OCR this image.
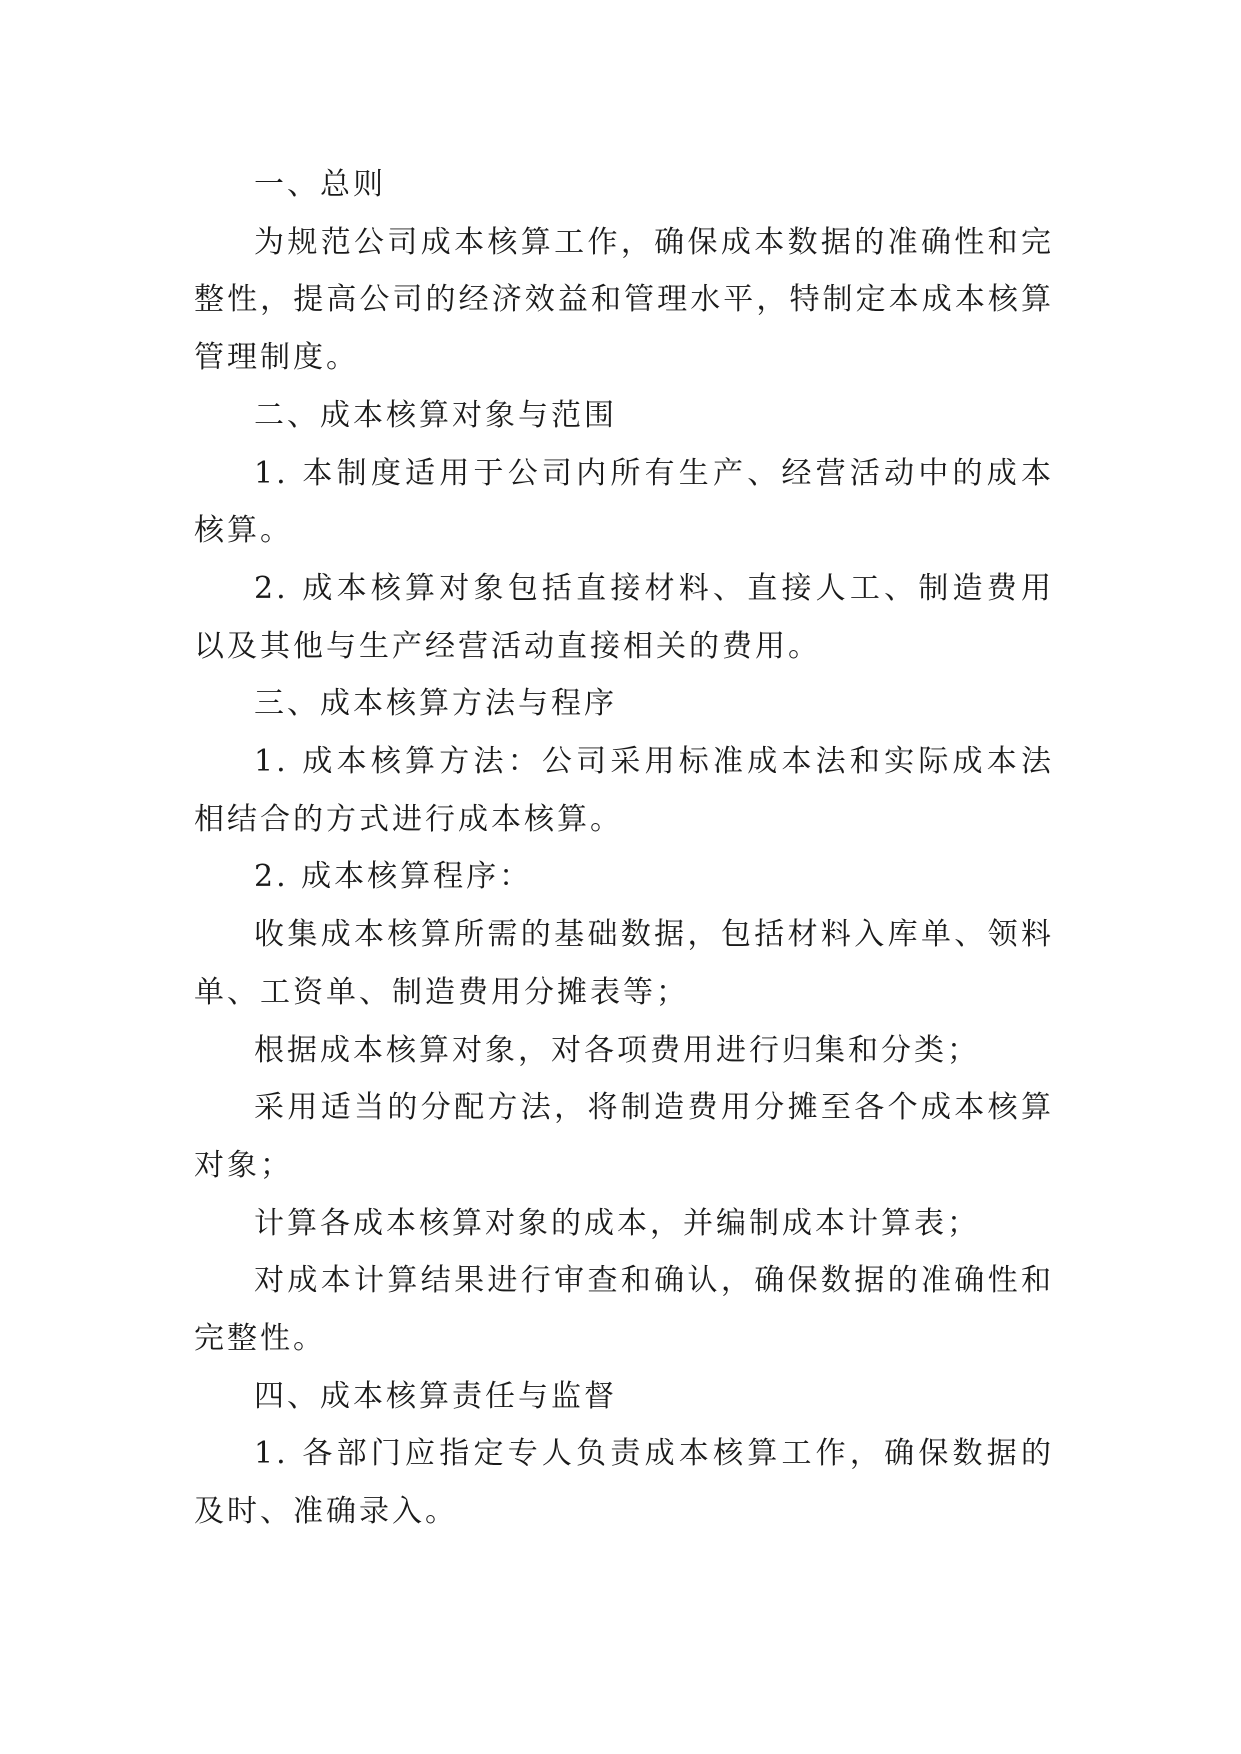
一、总则

为规范公司成本核算工作，确保成本数据的准确性和完整性，提高公司的经济效益和管理水平，特制定本成本核算管理制度。

二、成本核算对象与范围

1. 本制度适用于公司内所有生产、经营活动中的成本核算。

2. 成本核算对象包括直接材料、直接人工、制造费用以及其他与生产经营活动直接相关的费用。

三、成本核算方法与程序

1. 成本核算方法：公司采用标准成本法和实际成本法相结合的方式进行成本核算。

2. 成本核算程序：

收集成本核算所需的基础数据，包括材料入库单、领料单、工资单、制造费用分摊表等；

根据成本核算对象，对各项费用进行归集和分类；

采用适当的分配方法，将制造费用分摊至各个成本核算对象；

计算各成本核算对象的成本，并编制成本计算表；

对成本计算结果进行审查和确认，确保数据的准确性和完整性。

四、成本核算责任与监督

1. 各部门应指定专人负责成本核算工作，确保数据的及时、准确录入。
